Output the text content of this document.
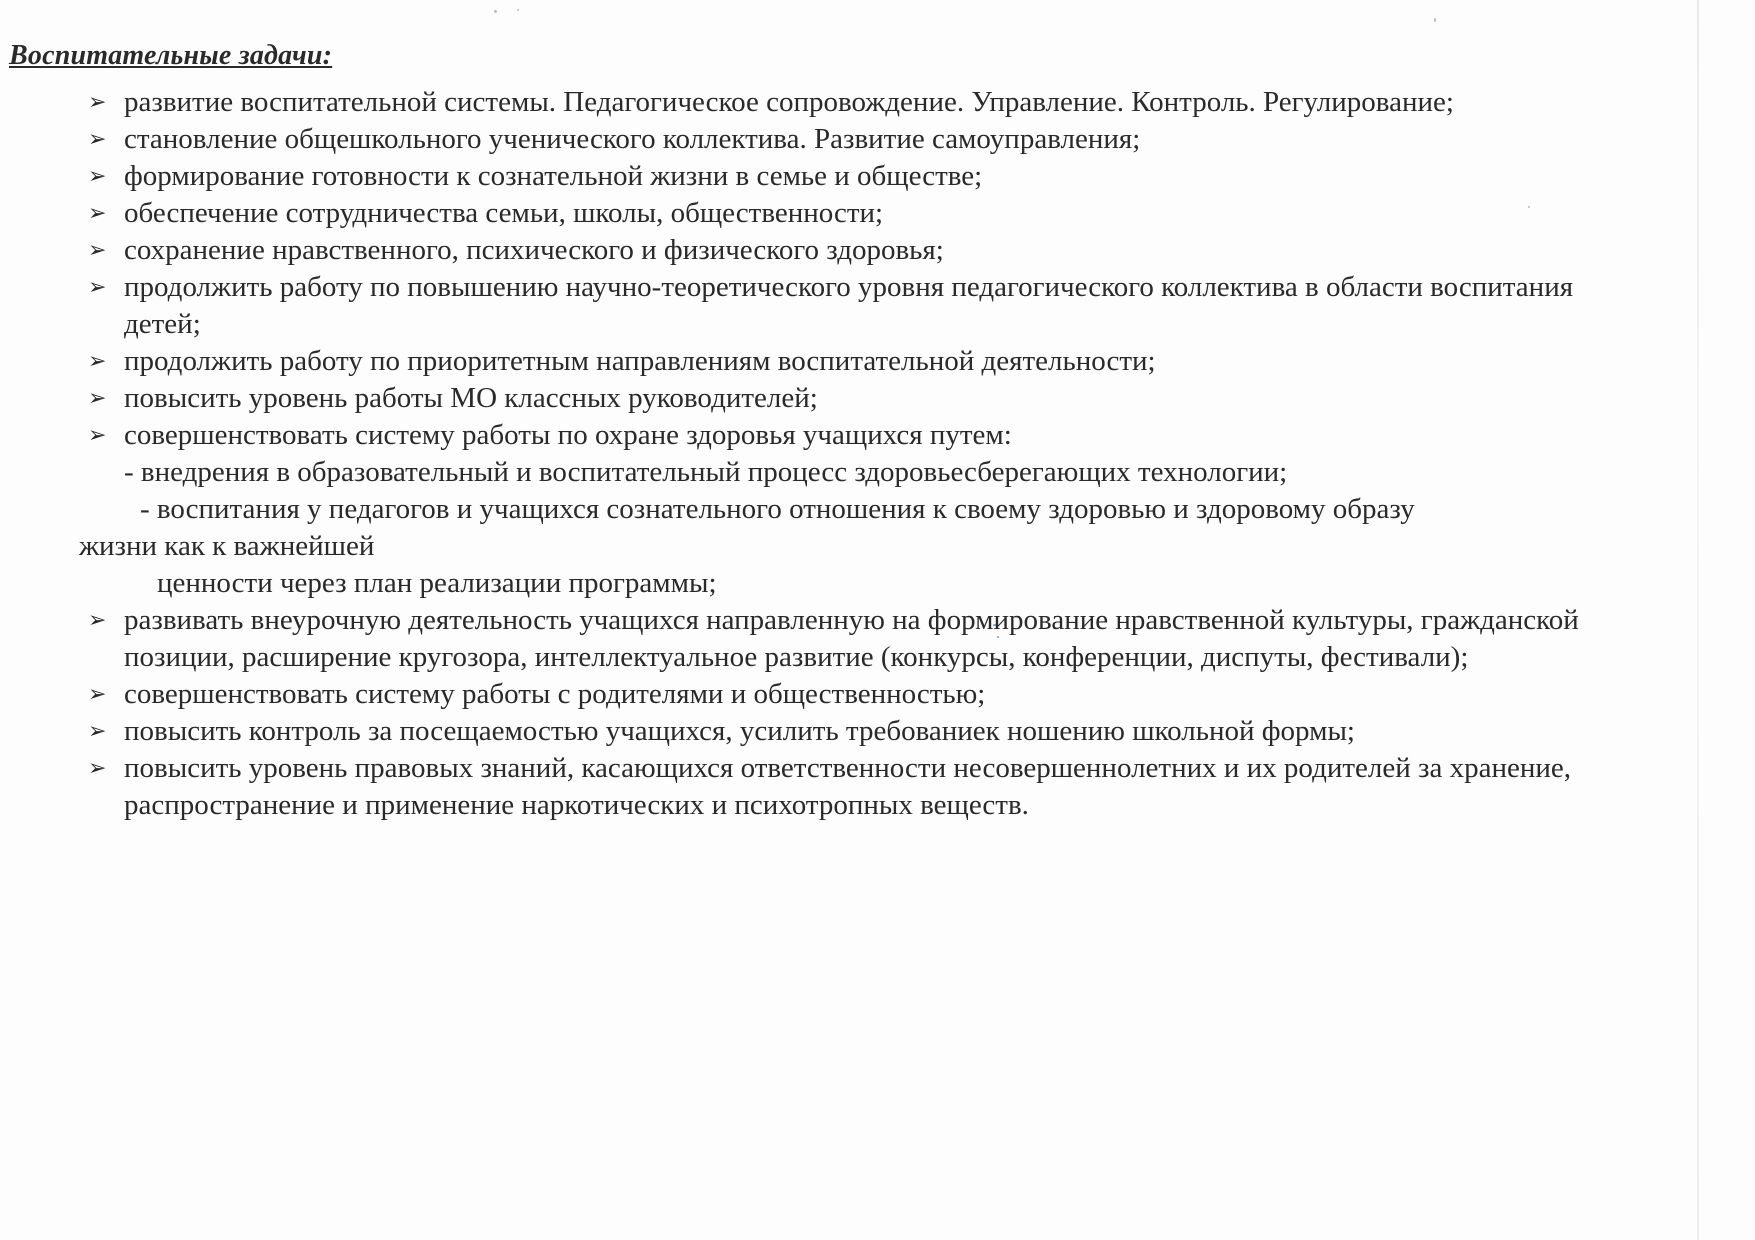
Воспитательные задачи:
➢ развитие воспитательной системы. Педагогическое сопровождение. Управление. Контроль. Регулирование;
➢ становление общешкольного ученического коллектива. Развитие самоуправления;
➢ формирование готовности к сознательной жизни в семье и обществе;
➢ обеспечение сотрудничества семьи, школы, общественности;
➢ сохранение нравственного, психического и физического здоровья;
➢ продолжить работу по повышению научно-теоретического уровня педагогического коллектива в области воспитания детей;
➢ продолжить работу по приоритетным направлениям воспитательной деятельности;
➢ повысить уровень работы МО классных руководителей;
➢ совершенствовать систему работы по охране здоровья учащихся путем:
- внедрения в образовательный и воспитательный процесс здоровьесберегающих технологии;
- воспитания у педагогов и учащихся сознательного отношения к своему здоровью и здоровому образу
жизни как к важнейшей
ценности через план реализации программы;
➢ развивать внеурочную деятельность учащихся направленную на формирование нравственной культуры, гражданской позиции, расширение кругозора, интеллектуальное развитие (конкурсы, конференции, диспуты, фестивали);
➢ совершенствовать систему работы с родителями и общественностью;
➢ повысить контроль за посещаемостью учащихся, усилить требованиек ношению школьной формы;
➢ повысить уровень правовых знаний, касающихся ответственности несовершеннолетних и их родителей за хранение, распространение и применение наркотических и психотропных веществ.
